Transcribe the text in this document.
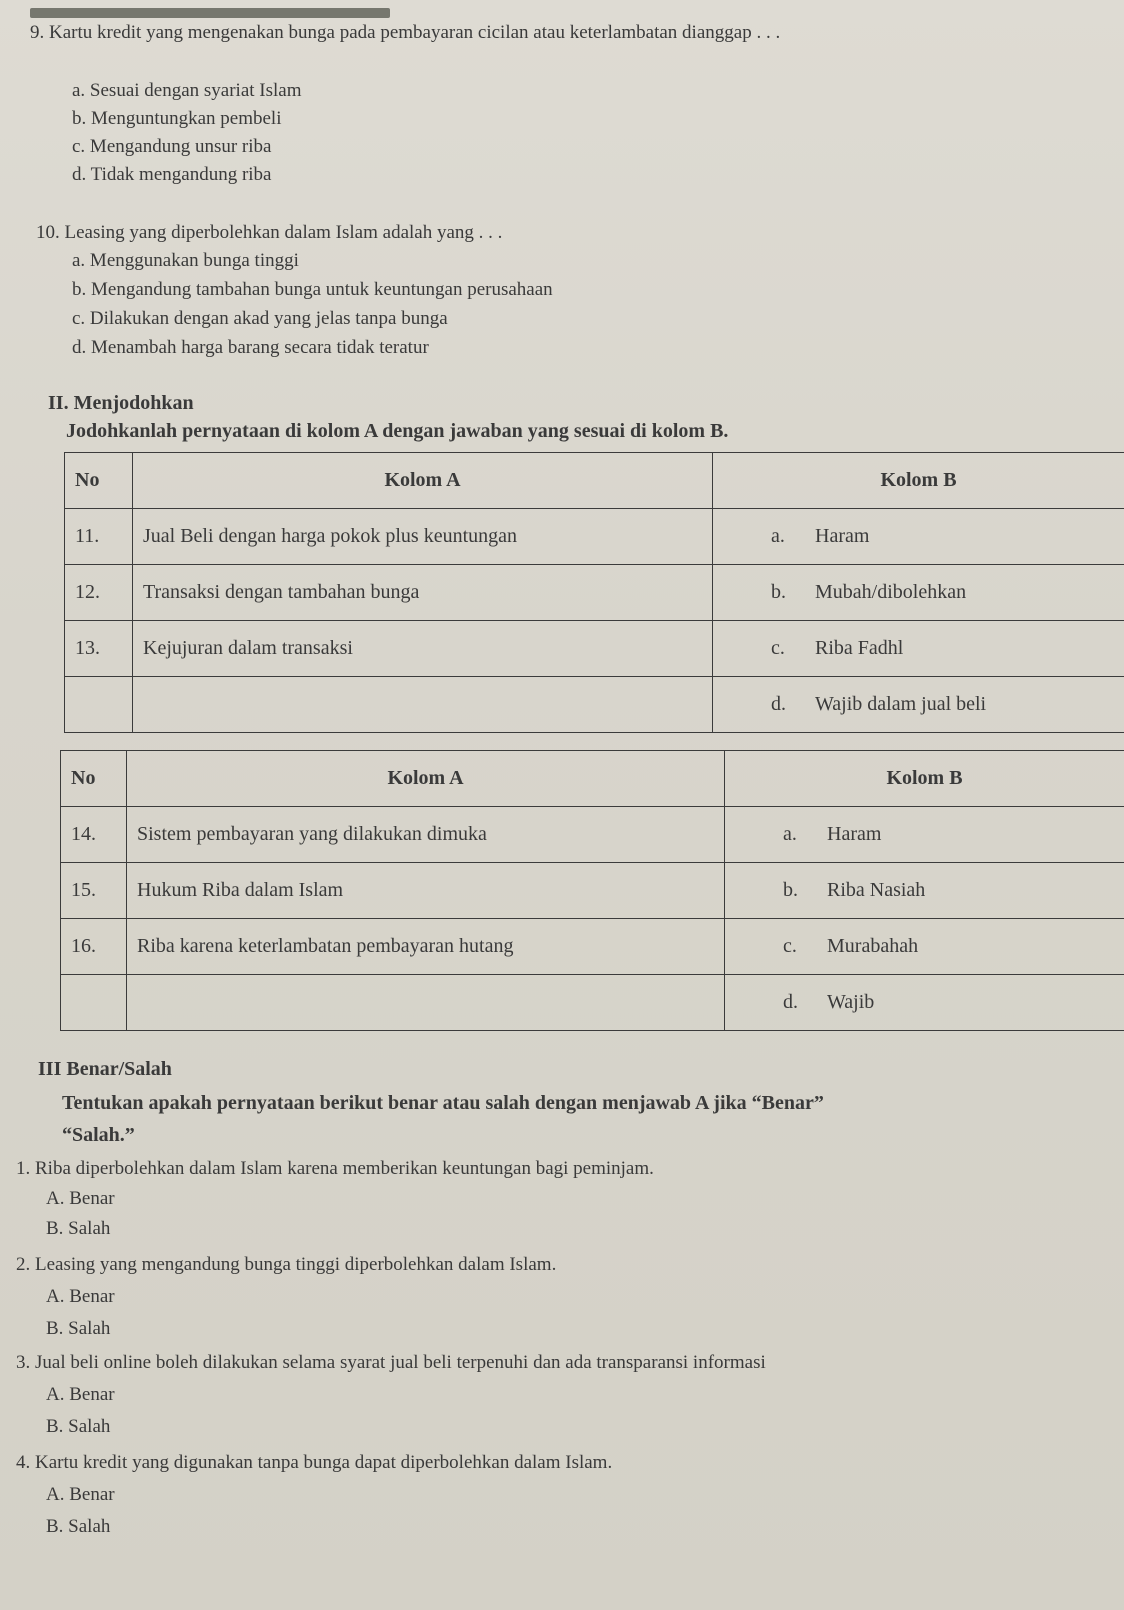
9. Kartu kredit yang mengenakan bunga pada pembayaran cicilan atau keterlambatan dianggap . . .
a. Sesuai dengan syariat Islam
b. Menguntungkan pembeli
c. Mengandung unsur riba
d. Tidak mengandung riba
10. Leasing yang diperbolehkan dalam Islam adalah yang . . .
a. Menggunakan bunga tinggi
b. Mengandung tambahan bunga untuk keuntungan perusahaan
c. Dilakukan dengan akad yang jelas tanpa bunga
d. Menambah harga barang secara tidak teratur
II. Menjodohkan
Jodohkanlah pernyataan di kolom A dengan jawaban yang sesuai di kolom B.
No	Kolom A	Kolom B
11.	Jual Beli dengan harga pokok plus keuntungan	a. Haram
12.	Transaksi dengan tambahan bunga	b. Mubah/dibolehkan
13.	Kejujuran dalam transaksi	c. Riba Fadhl
		d. Wajib dalam jual beli
No	Kolom A	Kolom B
14.	Sistem pembayaran yang dilakukan dimuka	a. Haram
15.	Hukum Riba dalam Islam	b. Riba Nasiah
16.	Riba karena keterlambatan pembayaran hutang	c. Murabahah
		d. Wajib
III Benar/Salah
Tentukan apakah pernyataan berikut benar atau salah dengan menjawab A jika “Benar”
“Salah.”
1. Riba diperbolehkan dalam Islam karena memberikan keuntungan bagi peminjam.
A. Benar
B. Salah
2. Leasing yang mengandung bunga tinggi diperbolehkan dalam Islam.
A. Benar
B. Salah
3. Jual beli online boleh dilakukan selama syarat jual beli terpenuhi dan ada transparansi informasi
A. Benar
B. Salah
4. Kartu kredit yang digunakan tanpa bunga dapat diperbolehkan dalam Islam.
A. Benar
B. Salah
